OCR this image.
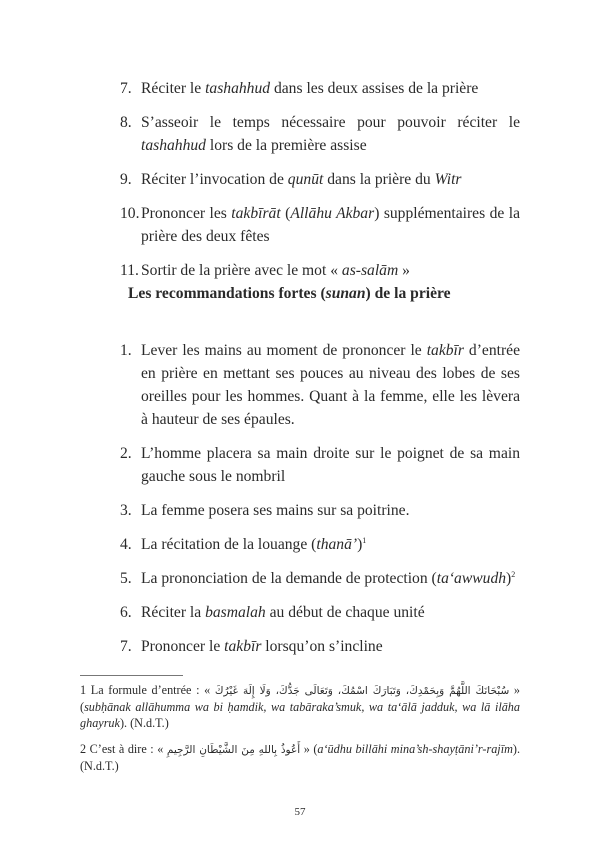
7. Réciter le tashahhud dans les deux assises de la prière

8. S’asseoir le temps nécessaire pour pouvoir réciter le tashahhud lors de la première assise

9. Réciter l’invocation de qunūt dans la prière du Witr

10. Prononcer les takbīrāt (Allāhu Akbar) supplémentaires de la prière des deux fêtes

11. Sortir de la prière avec le mot « as-salām »

Les recommandations fortes (sunan) de la prière

1. Lever les mains au moment de prononcer le takbīr d’entrée en prière en mettant ses pouces au niveau des lobes de ses oreilles pour les hommes. Quant à la femme, elle les lèvera à hauteur de ses épaules.

2. L’homme placera sa main droite sur le poignet de sa main gauche sous le nombril

3. La femme posera ses mains sur sa poitrine.

4. La récitation de la louange (thanā’)$^1$

5. La prononciation de la demande de protection (ta‘awwudh)$^2$

6. Réciter la basmalah au début de chaque unité

7. Prononcer le takbīr lorsqu’on s’incline

1 La formule d’entrée : « سُبْحَانَكَ اللَّهُمَّ وَبِحَمْدِكَ، وَتَبَارَكَ اسْمُكَ، وَتَعَالَى جَدُّكَ، وَلَا إِلَهَ غَيْرُكَ » (subḥānak allāhumma wa bi ḥamdik, wa tabāraka’smuk, wa ta‘ālā jadduk, wa lā ilāha ghayruk). (N.d.T.)

2 C’est à dire : « أَعُوذُ بِاللهِ مِنَ الشَّيْطَانِ الرَّجِيمِ » (a‘ūdhu billāhi mina’sh-shayṭāni’r-rajīm). (N.d.T.)

57
